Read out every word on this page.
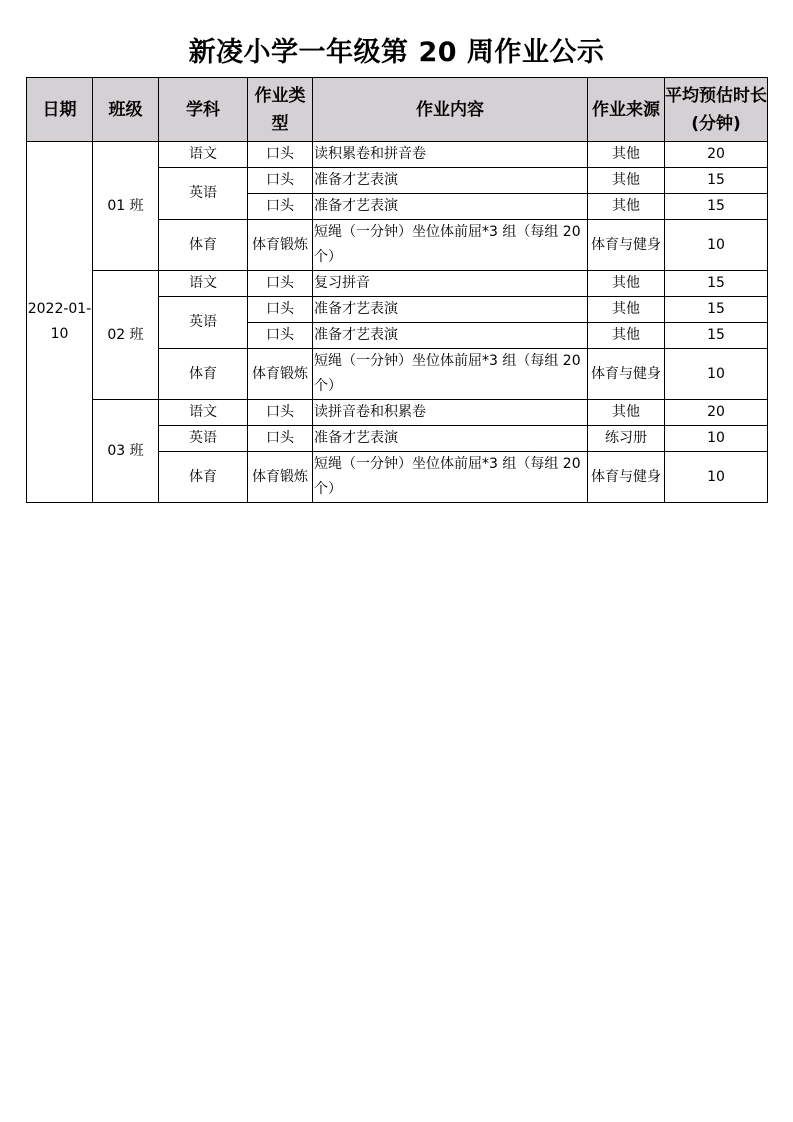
新凌小学一年级第 20 周作业公示
日期	班级	学科	作业类型	作业内容	作业来源	平均预估时长(分钟)
2022-01-10	01 班	语文	口头	读积累卷和拼音卷	其他	20
		英语	口头	准备才艺表演	其他	15
			口头	准备才艺表演	其他	15
		体育	体育锻炼	短绳（一分钟）坐位体前屈*3 组（每组 20 个）	体育与健身	10
	02 班	语文	口头	复习拼音	其他	15
		英语	口头	准备才艺表演	其他	15
			口头	准备才艺表演	其他	15
		体育	体育锻炼	短绳（一分钟）坐位体前屈*3 组（每组 20 个）	体育与健身	10
	03 班	语文	口头	读拼音卷和积累卷	其他	20
		英语	口头	准备才艺表演	练习册	10
		体育	体育锻炼	短绳（一分钟）坐位体前屈*3 组（每组 20 个）	体育与健身	10
